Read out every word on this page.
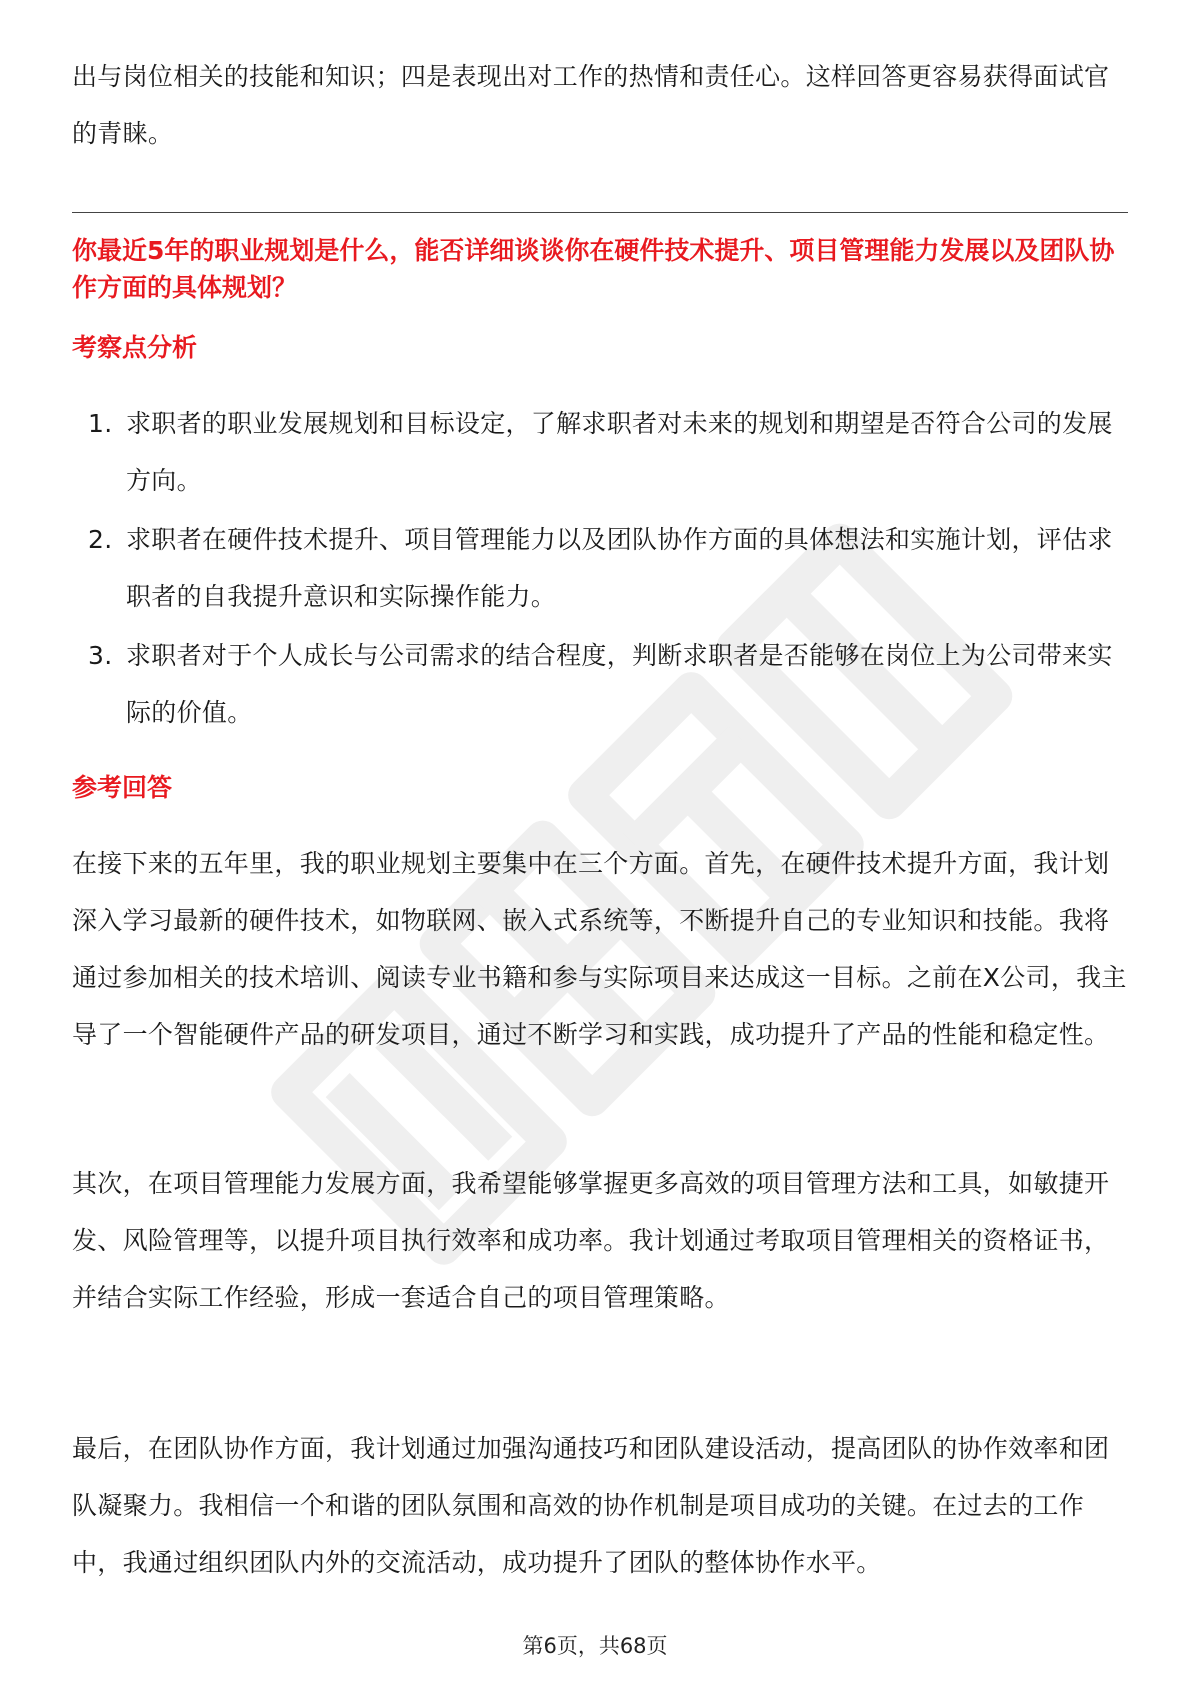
出与岗位相关的技能和知识；四是表现出对工作的热情和责任心。这样回答更容易获得面试官的青睐。

你最近5年的职业规划是什么，能否详细谈谈你在硬件技术提升、项目管理能力发展以及团队协作方面的具体规划？

考察点分析

1. 求职者的职业发展规划和目标设定，了解求职者对未来的规划和期望是否符合公司的发展方向。
2. 求职者在硬件技术提升、项目管理能力以及团队协作方面的具体想法和实施计划，评估求职者的自我提升意识和实际操作能力。
3. 求职者对于个人成长与公司需求的结合程度，判断求职者是否能够在岗位上为公司带来实际的价值。

参考回答

在接下来的五年里，我的职业规划主要集中在三个方面。首先，在硬件技术提升方面，我计划深入学习最新的硬件技术，如物联网、嵌入式系统等，不断提升自己的专业知识和技能。我将通过参加相关的技术培训、阅读专业书籍和参与实际项目来达成这一目标。之前在X公司，我主导了一个智能硬件产品的研发项目，通过不断学习和实践，成功提升了产品的性能和稳定性。

其次，在项目管理能力发展方面，我希望能够掌握更多高效的项目管理方法和工具，如敏捷开发、风险管理等，以提升项目执行效率和成功率。我计划通过考取项目管理相关的资格证书，并结合实际工作经验，形成一套适合自己的项目管理策略。

最后，在团队协作方面，我计划通过加强沟通技巧和团队建设活动，提高团队的协作效率和团队凝聚力。我相信一个和谐的团队氛围和高效的协作机制是项目成功的关键。在过去的工作中，我通过组织团队内外的交流活动，成功提升了团队的整体协作水平。

第6页，共68页
